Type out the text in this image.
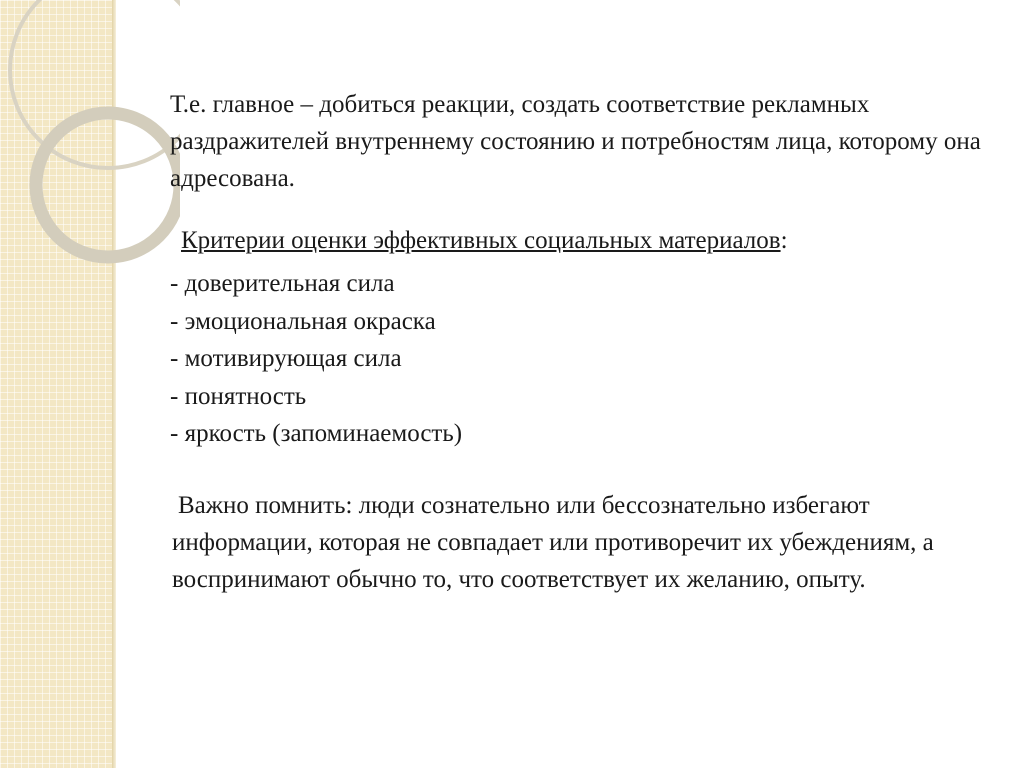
Т.е. главное – добиться реакции, создать соответствие рекламных раздражителей внутреннему состоянию и потребностям лица, которому она адресована.

Критерии оценки эффективных социальных материалов:

- доверительная сила
- эмоциональная окраска
- мотивирующая сила
- понятность
- яркость (запоминаемость)

Важно помнить: люди сознательно или бессознательно избегают информации, которая не совпадает или противоречит их убеждениям, а воспринимают обычно то, что соответствует их желанию, опыту.
